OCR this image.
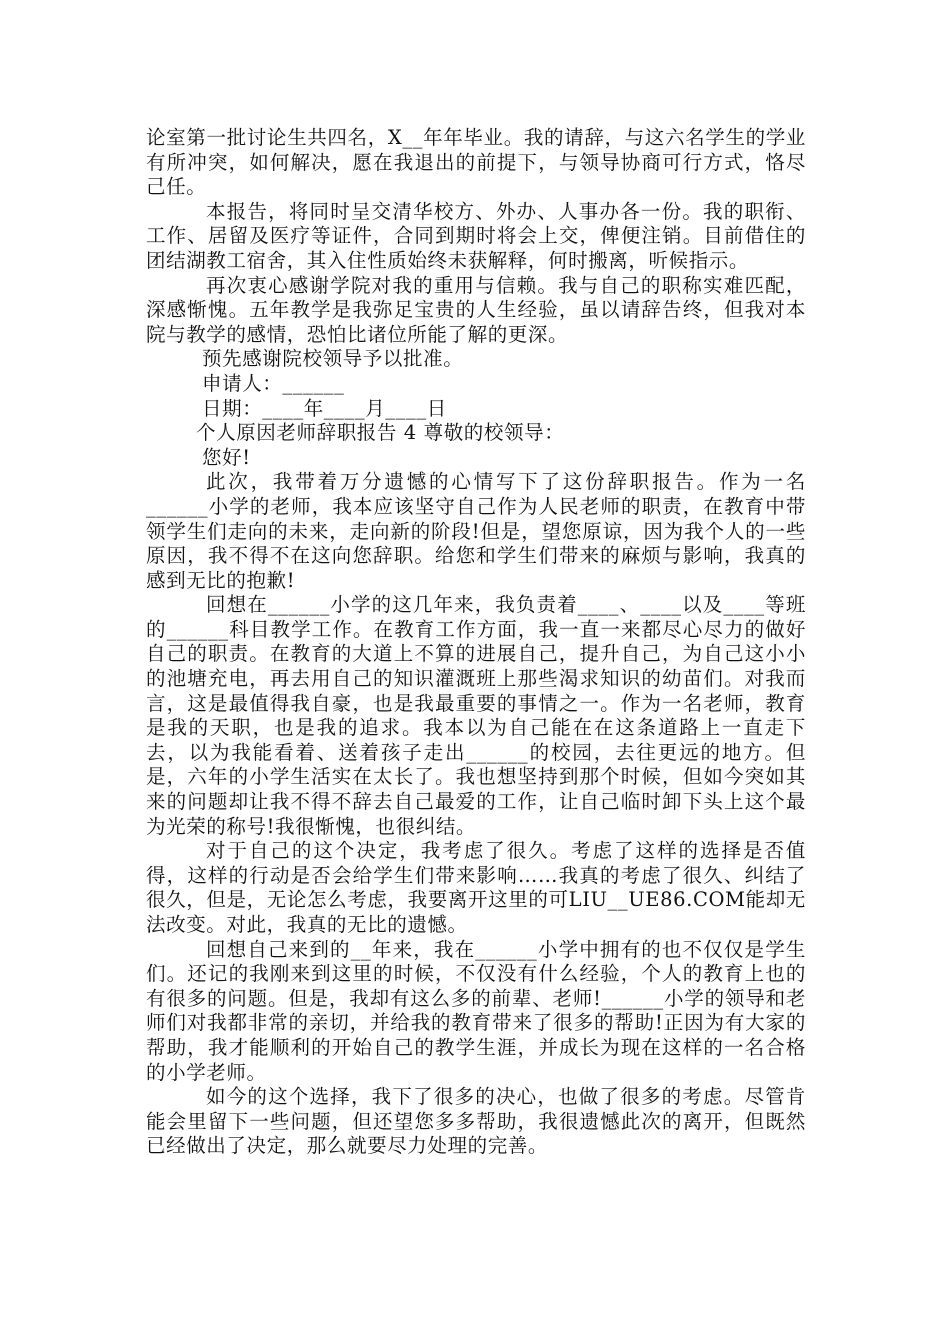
论室第一批讨论生共四名，X__年年毕业。我的请辞，与这六名学生的学业有所冲突，如何解决，愿在我退出的前提下，与领导协商可行方式，恪尽己任。

本报告，将同时呈交清华校方、外办、人事办各一份。我的职衔、工作、居留及医疗等证件，合同到期时将会上交，俾便注销。目前借住的团结湖教工宿舍，其入住性质始终未获解释，何时搬离，听候指示。

再次衷心感谢学院对我的重用与信赖。我与自己的职称实难匹配，深感惭愧。五年教学是我弥足宝贵的人生经验，虽以请辞告终，但我对本院与教学的感情，恐怕比诸位所能了解的更深。

预先感谢院校领导予以批准。

申请人：______

日期：____年____月____日

个人原因老师辞职报告 4 尊敬的校领导：

您好!

此次，我带着万分遗憾的心情写下了这份辞职报告。作为一名______小学的老师，我本应该坚守自己作为人民老师的职责，在教育中带领学生们走向的未来，走向新的阶段!但是，望您原谅，因为我个人的一些原因，我不得不在这向您辞职。给您和学生们带来的麻烦与影响，我真的感到无比的抱歉!

回想在______小学的这几年来，我负责着____、____以及____等班的______科目教学工作。在教育工作方面，我一直一来都尽心尽力的做好自己的职责。在教育的大道上不算的进展自己，提升自己，为自己这小小的池塘充电，再去用自己的知识灌溉班上那些渴求知识的幼苗们。对我而言，这是最值得我自豪，也是我最重要的事情之一。作为一名老师，教育是我的天职，也是我的追求。我本以为自己能在在这条道路上一直走下去，以为我能看着、送着孩子走出______的校园，去往更远的地方。但是，六年的小学生活实在太长了。我也想坚持到那个时候，但如今突如其来的问题却让我不得不辞去自己最爱的工作，让自己临时卸下头上这个最为光荣的称号!我很惭愧，也很纠结。

对于自己的这个决定，我考虑了很久。考虑了这样的选择是否值得，这样的行动是否会给学生们带来影响……我真的考虑了很久、纠结了很久，但是，无论怎么考虑，我要离开这里的可LIU__UE86.COM能却无法改变。对此，我真的无比的遗憾。

回想自己来到的__年来，我在______小学中拥有的也不仅仅是学生们。还记的我刚来到这里的时候，不仅没有什么经验，个人的教育上也的有很多的问题。但是，我却有这么多的前辈、老师!______小学的领导和老师们对我都非常的亲切，并给我的教育带来了很多的帮助!正因为有大家的帮助，我才能顺利的开始自己的教学生涯，并成长为现在这样的一名合格的小学老师。

如今的这个选择，我下了很多的决心，也做了很多的考虑。尽管肯能会里留下一些问题，但还望您多多帮助，我很遗憾此次的离开，但既然已经做出了决定，那么就要尽力处理的完善。
